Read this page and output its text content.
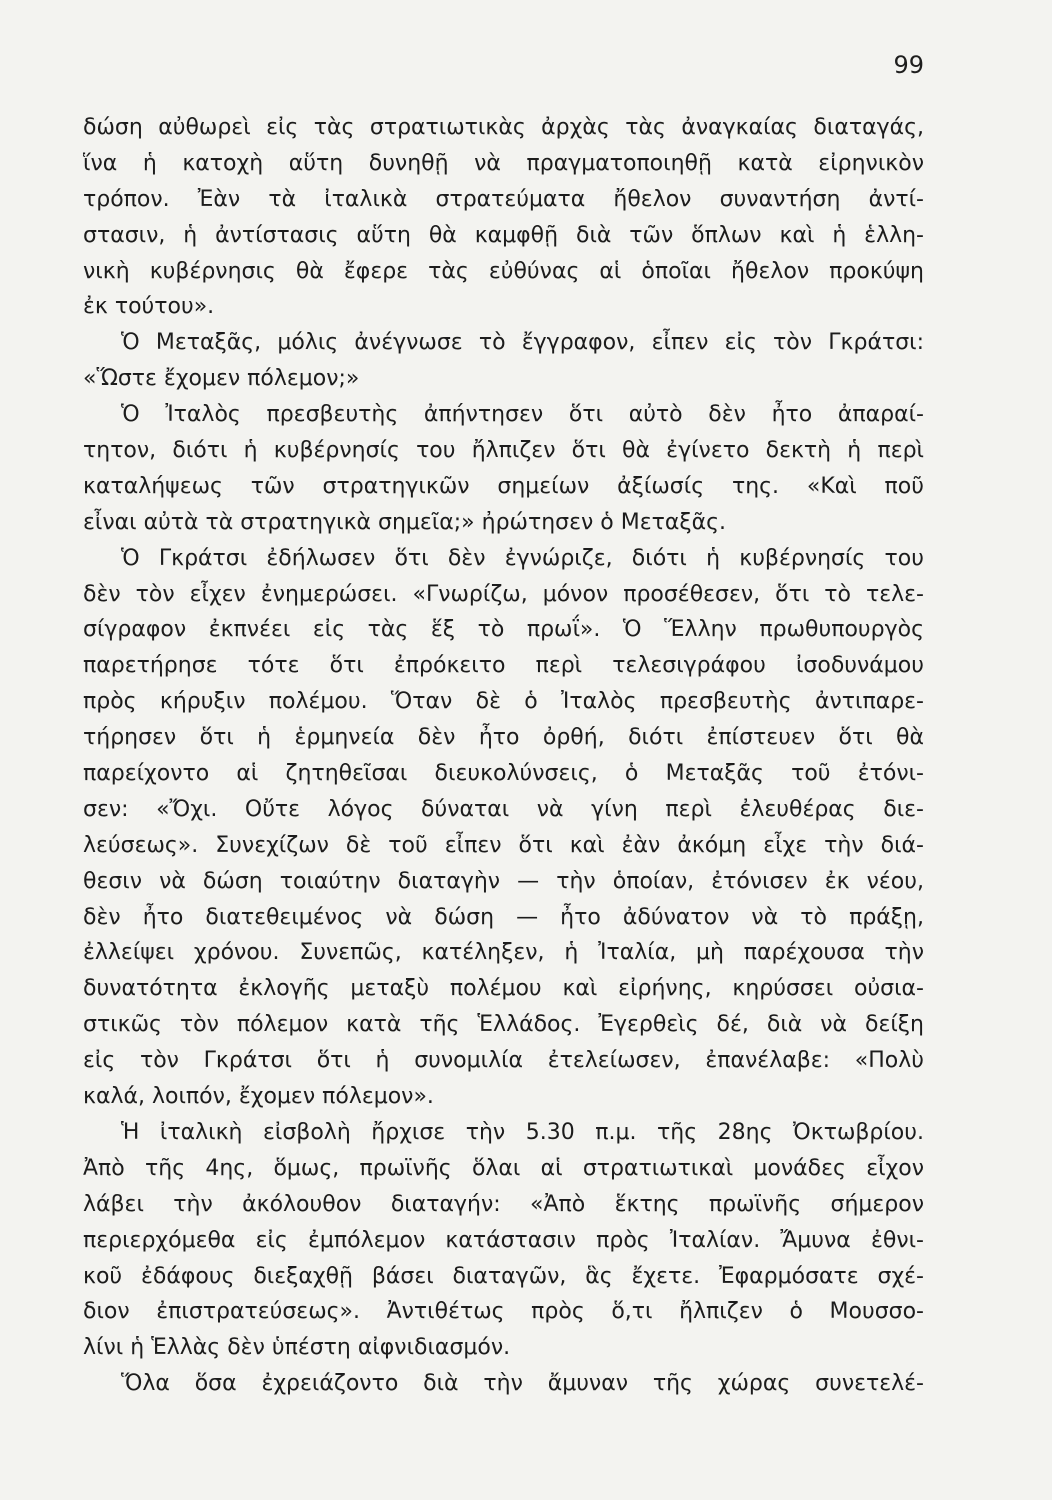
99
δώση αὐθωρεὶ εἰς τὰς στρατιωτικὰς ἀρχὰς τὰς ἀναγκαίας διαταγάς,
ἵνα ἡ κατοχὴ αὕτη δυνηθῇ νὰ πραγματοποιηθῇ κατὰ εἰρηνικὸν
τρόπον. Ἐὰν τὰ ἰταλικὰ στρατεύματα ἤθελον συναντήση ἀντί-
στασιν, ἡ ἀντίστασις αὕτη θὰ καμφθῇ διὰ τῶν ὅπλων καὶ ἡ ἑλλη-
νικὴ κυβέρνησις θὰ ἔφερε τὰς εὐθύνας αἱ ὁποῖαι ἤθελον προκύψη
ἐκ τούτου».
Ὁ Μεταξᾶς, μόλις ἀνέγνωσε τὸ ἔγγραφον, εἶπεν εἰς τὸν Γκράτσι:
«Ὥστε ἔχομεν πόλεμον;»
Ὁ Ἰταλὸς πρεσβευτὴς ἀπήντησεν ὅτι αὐτὸ δὲν ἦτο ἀπαραί-
τητον, διότι ἡ κυβέρνησίς του ἤλπιζεν ὅτι θὰ ἐγίνετο δεκτὴ ἡ περὶ
καταλήψεως τῶν στρατηγικῶν σημείων ἀξίωσίς της. «Καὶ ποῦ
εἶναι αὐτὰ τὰ στρατηγικὰ σημεῖα;» ἠρώτησεν ὁ Μεταξᾶς.
Ὁ Γκράτσι ἐδήλωσεν ὅτι δὲν ἐγνώριζε, διότι ἡ κυβέρνησίς του
δὲν τὸν εἶχεν ἐνημερώσει. «Γνωρίζω, μόνον προσέθεσεν, ὅτι τὸ τελε-
σίγραφον ἐκπνέει εἰς τὰς ἕξ τὸ πρωΐ». Ὁ Ἕλλην πρωθυπουργὸς
παρετήρησε τότε ὅτι ἐπρόκειτο περὶ τελεσιγράφου ἰσοδυνάμου
πρὸς κήρυξιν πολέμου. Ὅταν δὲ ὁ Ἰταλὸς πρεσβευτὴς ἀντιπαρε-
τήρησεν ὅτι ἡ ἑρμηνεία δὲν ἦτο ὀρθή, διότι ἐπίστευεν ὅτι θὰ
παρείχοντο αἱ ζητηθεῖσαι διευκολύνσεις, ὁ Μεταξᾶς τοῦ ἐτόνι-
σεν: «Ὄχι. Οὔτε λόγος δύναται νὰ γίνη περὶ ἐλευθέρας διε-
λεύσεως». Συνεχίζων δὲ τοῦ εἶπεν ὅτι καὶ ἐὰν ἀκόμη εἶχε τὴν διά-
θεσιν νὰ δώση τοιαύτην διαταγὴν — τὴν ὁποίαν, ἐτόνισεν ἐκ νέου,
δὲν ἦτο διατεθειμένος νὰ δώση — ἦτο ἀδύνατον νὰ τὸ πράξῃ,
ἐλλείψει χρόνου. Συνεπῶς, κατέληξεν, ἡ Ἰταλία, μὴ παρέχουσα τὴν
δυνατότητα ἐκλογῆς μεταξὺ πολέμου καὶ εἰρήνης, κηρύσσει οὐσια-
στικῶς τὸν πόλεμον κατὰ τῆς Ἑλλάδος. Ἐγερθεὶς δέ, διὰ νὰ δείξη
εἰς τὸν Γκράτσι ὅτι ἡ συνομιλία ἐτελείωσεν, ἐπανέλαβε: «Πολὺ
καλά, λοιπόν, ἔχομεν πόλεμον».
Ἡ ἰταλικὴ εἰσβολὴ ἤρχισε τὴν 5.30 π.μ. τῆς 28ης Ὀκτωβρίου.
Ἀπὸ τῆς 4ης, ὅμως, πρωϊνῆς ὅλαι αἱ στρατιωτικαὶ μονάδες εἶχον
λάβει τὴν ἀκόλουθον διαταγήν: «Ἀπὸ ἕκτης πρωϊνῆς σήμερον
περιερχόμεθα εἰς ἐμπόλεμον κατάστασιν πρὸς Ἰταλίαν. Ἄμυνα ἐθνι-
κοῦ ἐδάφους διεξαχθῇ βάσει διαταγῶν, ἃς ἔχετε. Ἐφαρμόσατε σχέ-
διον ἐπιστρατεύσεως». Ἀντιθέτως πρὸς ὅ,τι ἤλπιζεν ὁ Μουσσο-
λίνι ἡ Ἑλλὰς δὲν ὑπέστη αἰφνιδιασμόν.
Ὅλα ὅσα ἐχρειάζοντο διὰ τὴν ἄμυναν τῆς χώρας συνετελέ-
